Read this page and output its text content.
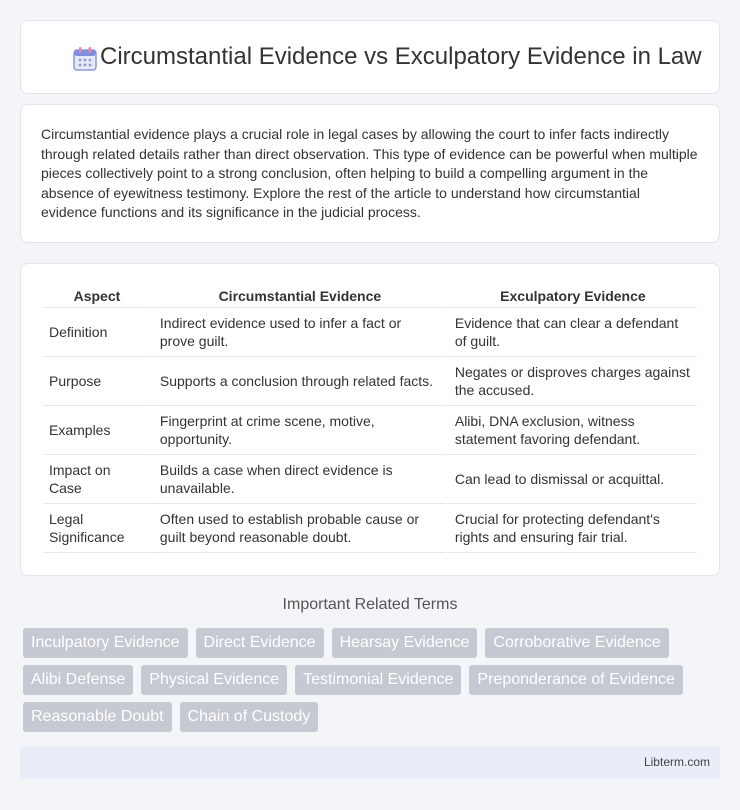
Circumstantial Evidence vs Exculpatory Evidence in Law

Circumstantial evidence plays a crucial role in legal cases by allowing the court to infer facts indirectly through related details rather than direct observation. This type of evidence can be powerful when multiple pieces collectively point to a strong conclusion, often helping to build a compelling argument in the absence of eyewitness testimony. Explore the rest of the article to understand how circumstantial evidence functions and its significance in the judicial process.

Aspect	Circumstantial Evidence	Exculpatory Evidence
Definition	Indirect evidence used to infer a fact or prove guilt.	Evidence that can clear a defendant of guilt.
Purpose	Supports a conclusion through related facts.	Negates or disproves charges against the accused.
Examples	Fingerprint at crime scene, motive, opportunity.	Alibi, DNA exclusion, witness statement favoring defendant.
Impact on Case	Builds a case when direct evidence is unavailable.	Can lead to dismissal or acquittal.
Legal Significance	Often used to establish probable cause or guilt beyond reasonable doubt.	Crucial for protecting defendant's rights and ensuring fair trial.
Important Related Terms
Inculpatory Evidence	Direct Evidence	Hearsay Evidence	Corroborative Evidence
Alibi Defense	Physical Evidence	Testimonial Evidence	Preponderance of Evidence
Reasonable Doubt	Chain of Custody
Libterm.com
